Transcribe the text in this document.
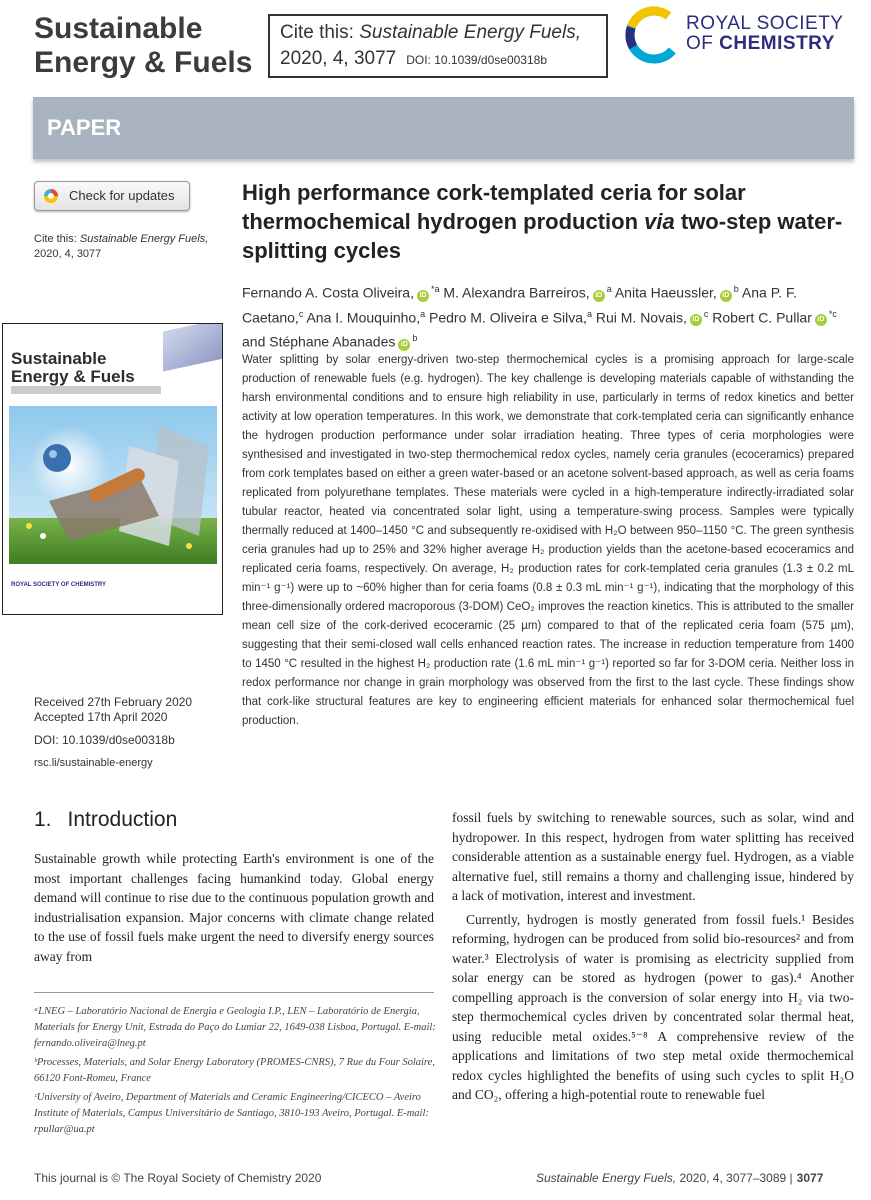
Sustainable
Energy & Fuels
Cite this: Sustainable Energy Fuels,
2020, 4, 3077 DOI: 10.1039/d0se00318b
ROYAL SOCIETY
OF CHEMISTRY
PAPER
Check for updates
Cite this: Sustainable Energy Fuels,
2020, 4, 3077
Sustainable
Energy & Fuels
ROYAL SOCIETY OF CHEMISTRY

Received 27th February 2020
Accepted 17th April 2020

DOI: 10.1039/d0se00318b

rsc.li/sustainable-energy

High performance cork-templated ceria for solar thermochemical hydrogen production via two-step water-splitting cycles
Fernando A. Costa Oliveira, $iD^{*a}$ M. Alexandra Barreiros, $iD^a$ Anita Haeussler, $iD^b$ Ana P. F. Caetano,$^c$ Ana I. Mouquinho,$^a$ Pedro M. Oliveira e Silva,$^a$ Rui M. Novais, $iD^c$ Robert C. Pullar $iD^{*c}$ and Stéphane Abanades $iD^b$

Water splitting by solar energy-driven two-step thermochemical cycles is a promising approach for large-scale production of renewable fuels (e.g. hydrogen). The key challenge is developing materials capable of withstanding the harsh environmental conditions and to ensure high reliability in use, particularly in terms of redox kinetics and better activity at low operation temperatures. In this work, we demonstrate that cork-templated ceria can significantly enhance the hydrogen production performance under solar irradiation heating. Three types of ceria morphologies were synthesised and investigated in two-step thermochemical redox cycles, namely ceria granules (ecoceramics) prepared from cork templates based on either a green water-based or an acetone solvent-based approach, as well as ceria foams replicated from polyurethane templates. These materials were cycled in a high-temperature indirectly-irradiated solar tubular reactor, heated via concentrated solar light, using a temperature-swing process. Samples were typically thermally reduced at 1400–1450 °C and subsequently re-oxidised with H₂O between 950–1150 °C. The green synthesis ceria granules had up to 25% and 32% higher average H₂ production yields than the acetone-based ecoceramics and replicated ceria foams, respectively. On average, H₂ production rates for cork-templated ceria granules (1.3 ± 0.2 mL min⁻¹ g⁻¹) were up to ~60% higher than for ceria foams (0.8 ± 0.3 mL min⁻¹ g⁻¹), indicating that the morphology of this three-dimensionally ordered macroporous (3-DOM) CeO₂ improves the reaction kinetics. This is attributed to the smaller mean cell size of the cork-derived ecoceramic (25 µm) compared to that of the replicated ceria foam (575 µm), suggesting that their semi-closed wall cells enhanced reaction rates. The increase in reduction temperature from 1400 to 1450 °C resulted in the highest H₂ production rate (1.6 mL min⁻¹ g⁻¹) reported so far for 3-DOM ceria. Neither loss in redox performance nor change in grain morphology was observed from the first to the last cycle. These findings show that cork-like structural features are key to engineering efficient materials for enhanced solar thermochemical fuel production.

1. Introduction

Sustainable growth while protecting Earth's environment is one of the most important challenges facing humankind today. Global energy demand will continue to rise due to the continuous population growth and industrialisation expansion. Major concerns with climate change related to the use of fossil fuels make urgent the need to diversify energy sources away from

fossil fuels by switching to renewable sources, such as solar, wind and hydropower. In this respect, hydrogen from water splitting has received considerable attention as a sustainable energy fuel. Hydrogen, as a viable alternative fuel, still remains a thorny and challenging issue, hindered by a lack of motivation, interest and investment.

Currently, hydrogen is mostly generated from fossil fuels.¹ Besides reforming, hydrogen can be produced from solid bio-resources² and from water.³ Electrolysis of water is promising as electricity supplied from solar energy can be stored as hydrogen (power to gas).⁴ Another compelling approach is the conversion of solar energy into H₂ via two-step thermochemical cycles driven by concentrated solar thermal heat, using reducible metal oxides.⁵⁻⁸ A comprehensive review of the applications and limitations of two step metal oxide thermochemical redox cycles highlighted the benefits of using such cycles to split H₂O and CO₂, offering a high-potential route to renewable fuel

ᵃLNEG – Laboratório Nacional de Energia e Geologia I.P., LEN – Laboratório de Energia, Materials for Energy Unit, Estrada do Paço do Lumiar 22, 1649-038 Lisboa, Portugal. E-mail: fernando.oliveira@lneg.pt

ᵇProcesses, Materials, and Solar Energy Laboratory (PROMES-CNRS), 7 Rue du Four Solaire, 66120 Font-Romeu, France

ᶜUniversity of Aveiro, Department of Materials and Ceramic Engineering/CICECO – Aveiro Institute of Materials, Campus Universitário de Santiago, 3810-193 Aveiro, Portugal. E-mail: rpullar@ua.pt

This journal is © The Royal Society of Chemistry 2020	Sustainable Energy Fuels, 2020, 4, 3077–3089 | 3077
